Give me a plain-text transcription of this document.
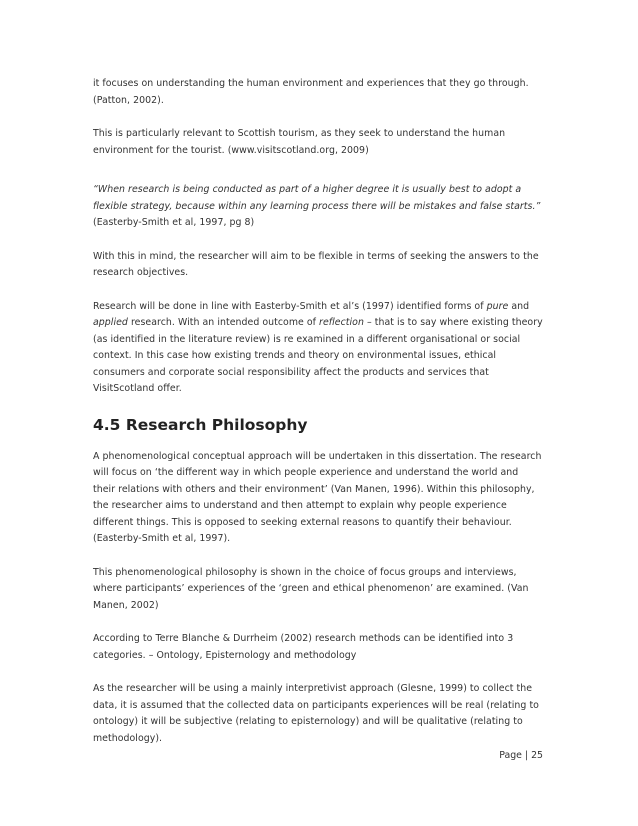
it focuses on understanding the human environment and experiences that they go through. (Patton, 2002).

This is particularly relevant to Scottish tourism, as they seek to understand the human environment for the tourist. (www.visitscotland.org, 2009)

“When research is being conducted as part of a higher degree it is usually best to adopt a flexible strategy, because within any learning process there will be mistakes and false starts.” (Easterby-Smith et al, 1997, pg 8)

With this in mind, the researcher will aim to be flexible in terms of seeking the answers to the research objectives.

Research will be done in line with Easterby-Smith et al’s (1997) identified forms of pure and applied research. With an intended outcome of reflection – that is to say where existing theory (as identified in the literature review) is re examined in a different organisational or social context. In this case how existing trends and theory on environmental issues, ethical consumers and corporate social responsibility affect the products and services that VisitScotland offer.

4.5 Research Philosophy

A phenomenological conceptual approach will be undertaken in this dissertation. The research will focus on ‘the different way in which people experience and understand the world and their relations with others and their environment’ (Van Manen, 1996). Within this philosophy, the researcher aims to understand and then attempt to explain why people experience different things. This is opposed to seeking external reasons to quantify their behaviour. (Easterby-Smith et al, 1997).

This phenomenological philosophy is shown in the choice of focus groups and interviews, where participants’ experiences of the ‘green and ethical phenomenon’ are examined. (Van Manen, 2002)

According to Terre Blanche & Durrheim (2002) research methods can be identified into 3 categories. – Ontology, Episternology and methodology

As the researcher will be using a mainly interpretivist approach (Glesne, 1999) to collect the data, it is assumed that the collected data on participants experiences will be real (relating to ontology) it will be subjective (relating to episternology) and will be qualitative (relating to methodology).

Page | 25
